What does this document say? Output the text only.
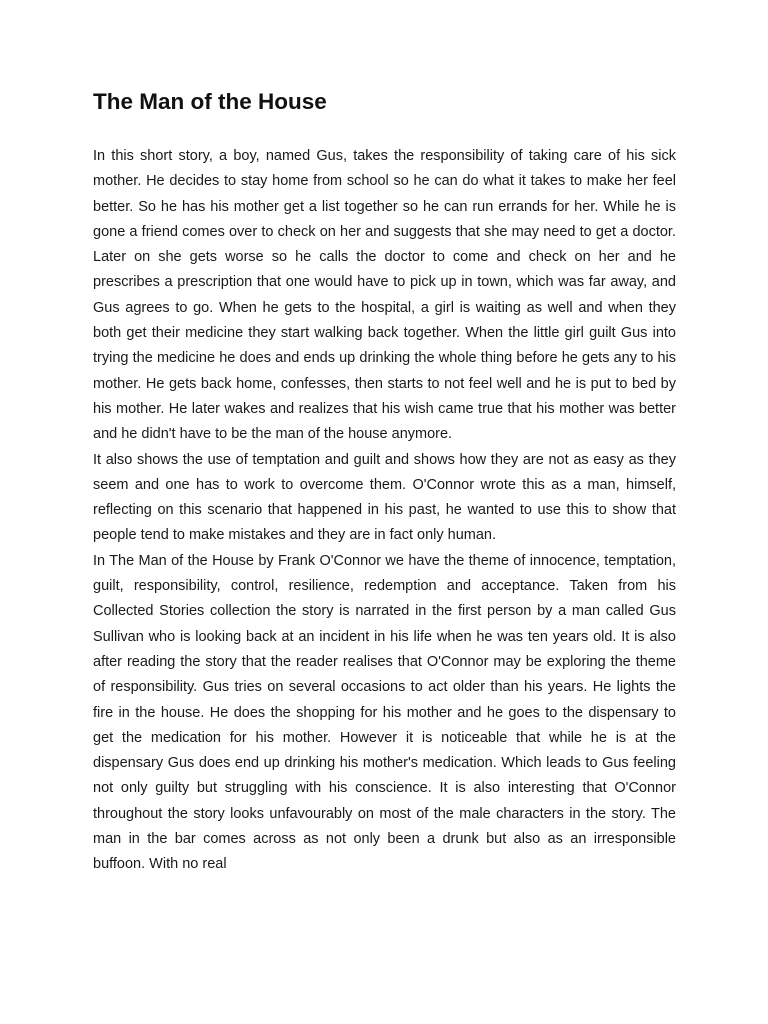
The Man of the House

In this short story, a boy, named Gus, takes the responsibility of taking care of his sick mother. He decides to stay home from school so he can do what it takes to make her feel better. So he has his mother get a list together so he can run errands for her. While he is gone a friend comes over to check on her and suggests that she may need to get a doctor. Later on she gets worse so he calls the doctor to come and check on her and he prescribes a prescription that one would have to pick up in town, which was far away, and Gus agrees to go. When he gets to the hospital, a girl is waiting as well and when they both get their medicine they start walking back together. When the little girl guilt Gus into trying the medicine he does and ends up drinking the whole thing before he gets any to his mother. He gets back home, confesses, then starts to not feel well and he is put to bed by his mother. He later wakes and realizes that his wish came true that his mother was better and he didn't have to be the man of the house anymore.

It also shows the use of temptation and guilt and shows how they are not as easy as they seem and one has to work to overcome them. O'Connor wrote this as a man, himself, reflecting on this scenario that happened in his past, he wanted to use this to show that people tend to make mistakes and they are in fact only human.

In The Man of the House by Frank O'Connor we have the theme of innocence, temptation, guilt, responsibility, control, resilience, redemption and acceptance. Taken from his Collected Stories collection the story is narrated in the first person by a man called Gus Sullivan who is looking back at an incident in his life when he was ten years old. It is also after reading the story that the reader realises that O'Connor may be exploring the theme of responsibility. Gus tries on several occasions to act older than his years. He lights the fire in the house. He does the shopping for his mother and he goes to the dispensary to get the medication for his mother. However it is noticeable that while he is at the dispensary Gus does end up drinking his mother's medication. Which leads to Gus feeling not only guilty but struggling with his conscience. It is also interesting that O'Connor throughout the story looks unfavourably on most of the male characters in the story. The man in the bar comes across as not only been a drunk but also as an irresponsible buffoon. With no real
